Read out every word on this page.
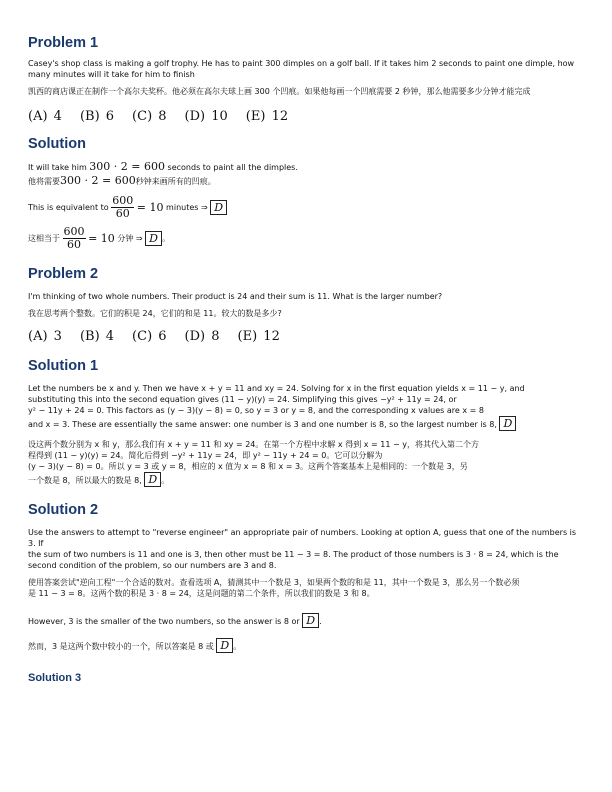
Problem 1

Casey's shop class is making a golf trophy. He has to paint 300 dimples on a golf ball. If it takes him 2 seconds to paint one dimple, how many minutes will it take for him to finish

凯西的商店课正在制作一个高尔夫奖杯。他必须在高尔夫球上画 300 个凹痕。如果他每画一个凹痕需要 2 秒钟，那么他需要多少分钟才能完成

(A) 4 (B) 6 (C) 8 (D) 10 (E) 12
Solution

It will take him 300 · 2 = 600 seconds to paint all the dimples.

他将需要300 · 2 = 600秒钟来画所有的凹痕。

This is equivalent to
$\frac{600}{60}$
= 10
minutes ⇒
D
这相当于
$\frac{600}{60}$
= 10
分钟 ⇒
D 。
Problem 2

I'm thinking of two whole numbers. Their product is 24 and their sum is 11. What is the larger number?

我在思考两个整数。它们的积是 24，它们的和是 11。较大的数是多少?

(A) 3 (B) 4 (C) 6 (D) 8 (E) 12
Solution 1

Let the numbers be x and y. Then we have x + y = 11 and xy = 24. Solving for x in the first equation yields x = 11 − y, and

substituting this into the second equation gives (11 − y)(y) = 24. Simplifying this gives −y² + 11y = 24, or

y² − 11y + 24 = 0. This factors as (y − 3)(y − 8) = 0, so y = 3 or y = 8, and the corresponding x values are x = 8

and x = 3. These are essentially the same answer: one number is 3 and one number is 8, so the largest number is 8, D

设这两个数分别为 x 和 y，那么我们有 x + y = 11 和 xy = 24。在第一个方程中求解 x 得到 x = 11 − y，将其代入第二个方

程得到 (11 − y)(y) = 24。简化后得到 −y² + 11y = 24，即 y² − 11y + 24 = 0。它可以分解为

(y − 3)(y − 8) = 0。所以 y = 3 或 y = 8，相应的 x 值为 x = 8 和 x = 3。这两个答案基本上是相同的：一个数是 3，另

一个数是 8，所以最大的数是 8, D 。

Solution 2

Use the answers to attempt to "reverse engineer" an appropriate pair of numbers. Looking at option A, guess that one of the numbers is 3. If

the sum of two numbers is 11 and one is 3, then other must be 11 − 3 = 8. The product of those numbers is 3 · 8 = 24, which is the

second condition of the problem, so our numbers are 3 and 8.

使用答案尝试"逆向工程"一个合适的数对。查看选项 A，猜测其中一个数是 3，如果两个数的和是 11，其中一个数是 3，那么另一个数必须

是 11 − 3 = 8。这两个数的积是 3 · 8 = 24，这是问题的第二个条件，所以我们的数是 3 和 8。

However, 3 is the smaller of the two numbers, so the answer is 8 or D .

然而，3 是这两个数中较小的一个，所以答案是 8 或 D 。

Solution 3
